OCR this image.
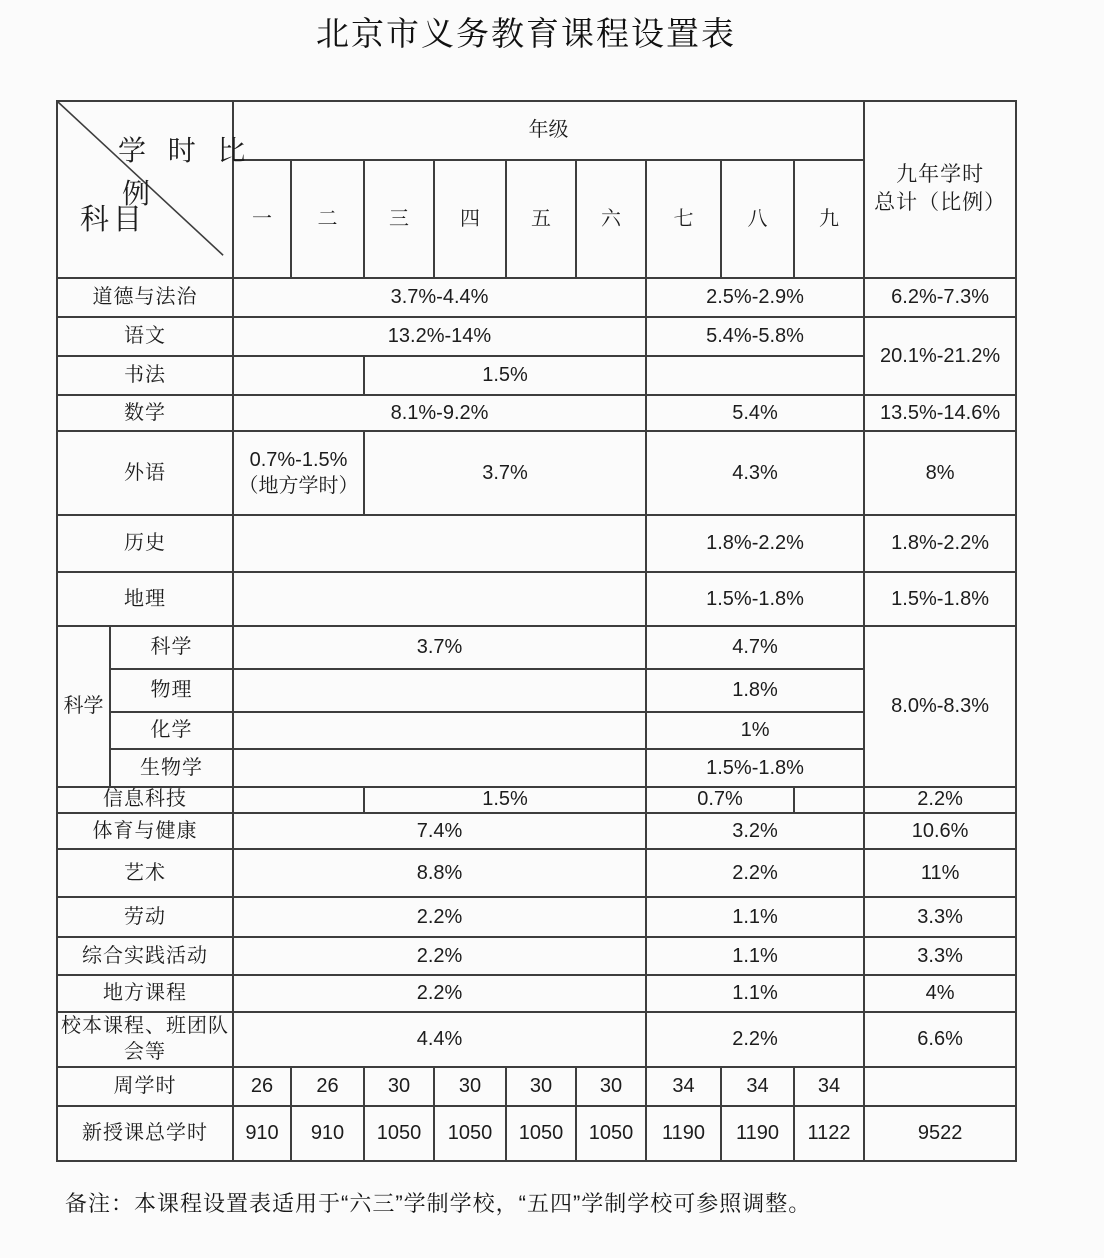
北京市义务教育课程设置表
学 时 比
例
科目		年级									九年学时
总计（比例）

		一	二	三	四	五	六	七	八	九	
道德与法治		3.7%-4.4%						2.5%-2.9%			6.2%-7.3%
语文		13.2%-14%						5.4%-5.8%			20.1%-21.2%
书法				1.5%							
数学		8.1%-9.2%						5.4%			13.5%-14.6%
外语		0.7%-1.5%（地方学时）		3.7%				4.3%			8%
历史								1.8%-2.2%			1.8%-2.2%
地理								1.5%-1.8%			1.5%-1.8%
科学	科学	3.7%						4.7%			8.0%-8.3%
	物理							1.8%			
	化学							1%			
	生物学							1.5%-1.8%			
信息科技				1.5%				0.7%			2.2%
体育与健康		7.4%						3.2%			10.6%
艺术		8.8%						2.2%			11%
劳动		2.2%						1.1%			3.3%
综合实践活动		2.2%						1.1%			3.3%
地方课程		2.2%						1.1%			4%
校本课程、班团队会等		4.4%						2.2%			6.6%
周学时		26	26	30	30	30	30	34	34	34	
新授课总学时		910	910	1050	1050	1050	1050	1190	1190	1122	9522
备注：本课程设置表适用于“六三”学制学校，“五四”学制学校可参照调整。
